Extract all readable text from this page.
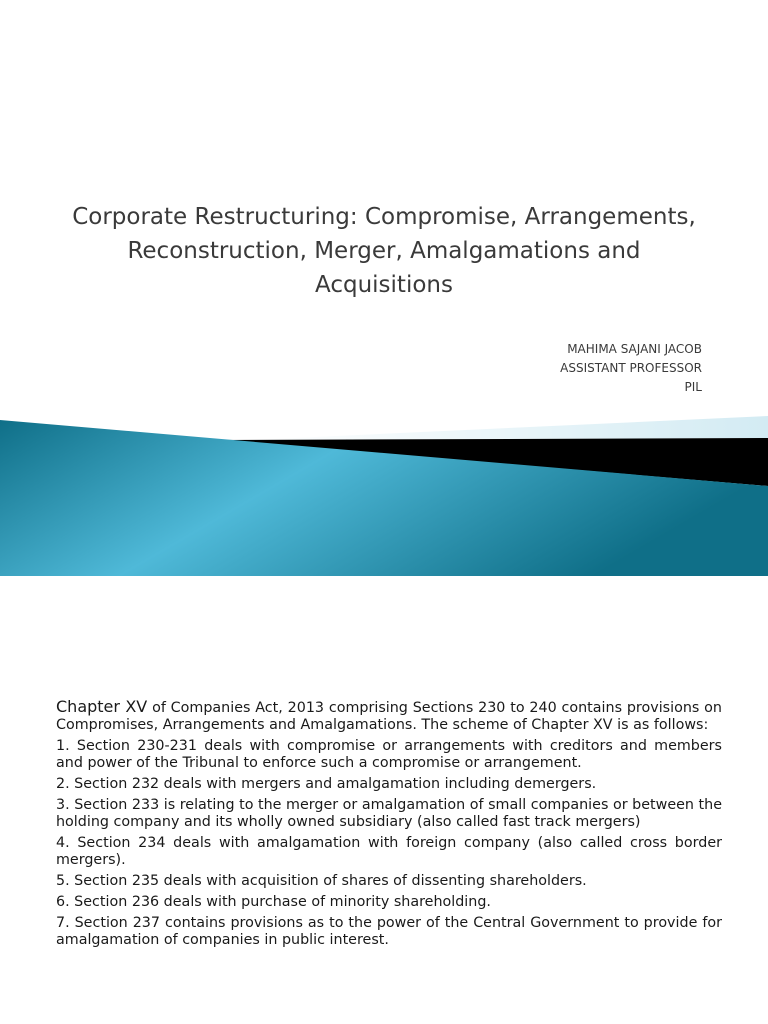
Corporate Restructuring: Compromise, Arrangements, Reconstruction, Merger, Amalgamations and Acquisitions
MAHIMA SAJANI JACOB
ASSISTANT PROFESSOR
PIL

Chapter XV of Companies Act, 2013 comprising Sections 230 to 240 contains provisions on Compromises, Arrangements and Amalgamations. The scheme of Chapter XV is as follows:

1. Section 230-231 deals with compromise or arrangements with creditors and members and power of the Tribunal to enforce such a compromise or arrangement.
2. Section 232 deals with mergers and amalgamation including demergers.
3. Section 233 is relating to the merger or amalgamation of small companies or between the holding company and its wholly owned subsidiary (also called fast track mergers)
4. Section 234 deals with amalgamation with foreign company (also called cross border mergers).
5. Section 235 deals with acquisition of shares of dissenting shareholders.
6. Section 236 deals with purchase of minority shareholding.
7. Section 237 contains provisions as to the power of the Central Government to provide for amalgamation of companies in public interest.
